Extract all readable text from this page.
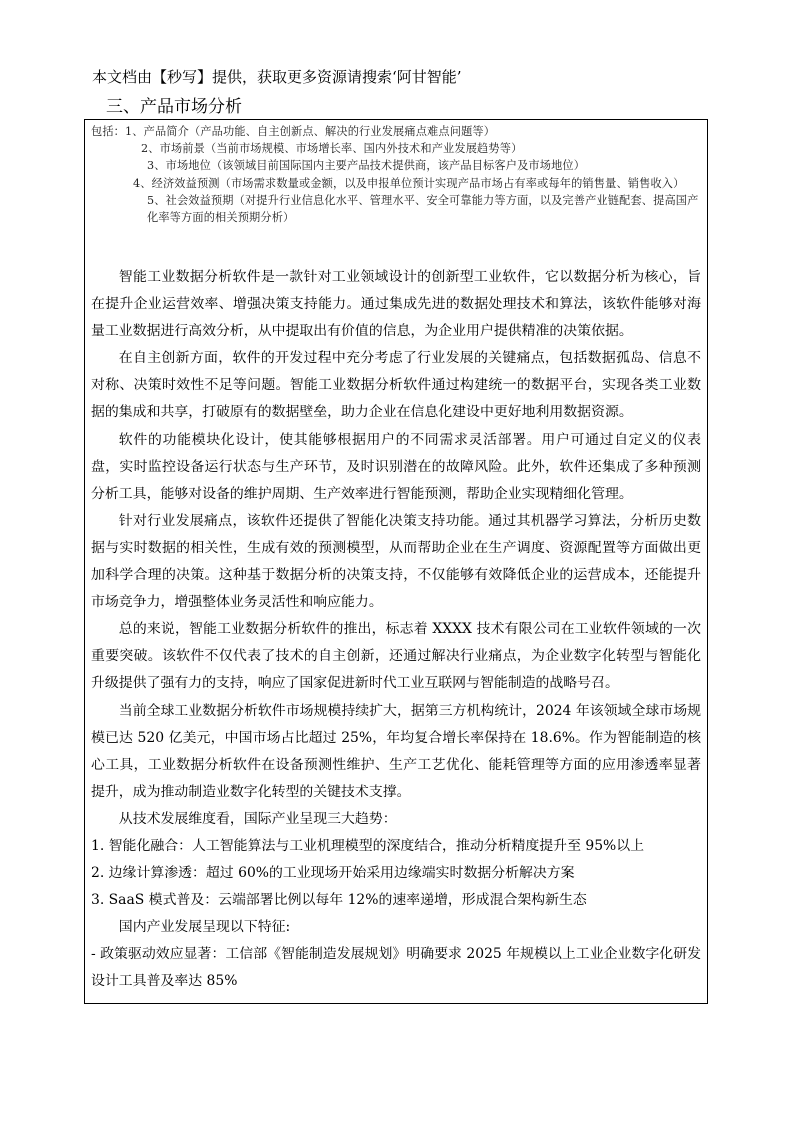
本文档由【秒写】提供，获取更多资源请搜索‘阿甘智能’
三、产品市场分析

包括：1、产品简介（产品功能、自主创新点、解决的行业发展痛点难点问题等）

2、市场前景（当前市场规模、市场增长率、国内外技术和产业发展趋势等）

3、市场地位（该领域目前国际国内主要产品技术提供商，该产品目标客户及市场地位）

4、经济效益预测（市场需求数量或金额，以及申报单位预计实现产品市场占有率或每年的销售量、销售收入）

5、社会效益预期（对提升行业信息化水平、管理水平、安全可靠能力等方面，以及完善产业链配套、提高国产化率等方面的相关预期分析）

智能工业数据分析软件是一款针对工业领域设计的创新型工业软件，它以数据分析为核心，旨在提升企业运营效率、增强决策支持能力。通过集成先进的数据处理技术和算法，该软件能够对海量工业数据进行高效分析，从中提取出有价值的信息，为企业用户提供精准的决策依据。

在自主创新方面，软件的开发过程中充分考虑了行业发展的关键痛点，包括数据孤岛、信息不对称、决策时效性不足等问题。智能工业数据分析软件通过构建统一的数据平台，实现各类工业数据的集成和共享，打破原有的数据壁垒，助力企业在信息化建设中更好地利用数据资源。

软件的功能模块化设计，使其能够根据用户的不同需求灵活部署。用户可通过自定义的仪表盘，实时监控设备运行状态与生产环节，及时识别潜在的故障风险。此外，软件还集成了多种预测分析工具，能够对设备的维护周期、生产效率进行智能预测，帮助企业实现精细化管理。

针对行业发展痛点，该软件还提供了智能化决策支持功能。通过其机器学习算法，分析历史数据与实时数据的相关性，生成有效的预测模型，从而帮助企业在生产调度、资源配置等方面做出更加科学合理的决策。这种基于数据分析的决策支持，不仅能够有效降低企业的运营成本，还能提升市场竞争力，增强整体业务灵活性和响应能力。

总的来说，智能工业数据分析软件的推出，标志着 XXXX 技术有限公司在工业软件领域的一次重要突破。该软件不仅代表了技术的自主创新，还通过解决行业痛点，为企业数字化转型与智能化升级提供了强有力的支持，响应了国家促进新时代工业互联网与智能制造的战略号召。

当前全球工业数据分析软件市场规模持续扩大，据第三方机构统计，2024 年该领域全球市场规模已达 520 亿美元，中国市场占比超过 25%，年均复合增长率保持在 18.6%。作为智能制造的核心工具，工业数据分析软件在设备预测性维护、生产工艺优化、能耗管理等方面的应用渗透率显著提升，成为推动制造业数字化转型的关键技术支撑。

从技术发展维度看，国际产业呈现三大趋势：

1. 智能化融合：人工智能算法与工业机理模型的深度结合，推动分析精度提升至 95%以上

2. 边缘计算渗透：超过 60%的工业现场开始采用边缘端实时数据分析解决方案

3. SaaS 模式普及：云端部署比例以每年 12%的速率递增，形成混合架构新生态

国内产业发展呈现以下特征:

- 政策驱动效应显著：工信部《智能制造发展规划》明确要求 2025 年规模以上工业企业数字化研发设计工具普及率达 85%
